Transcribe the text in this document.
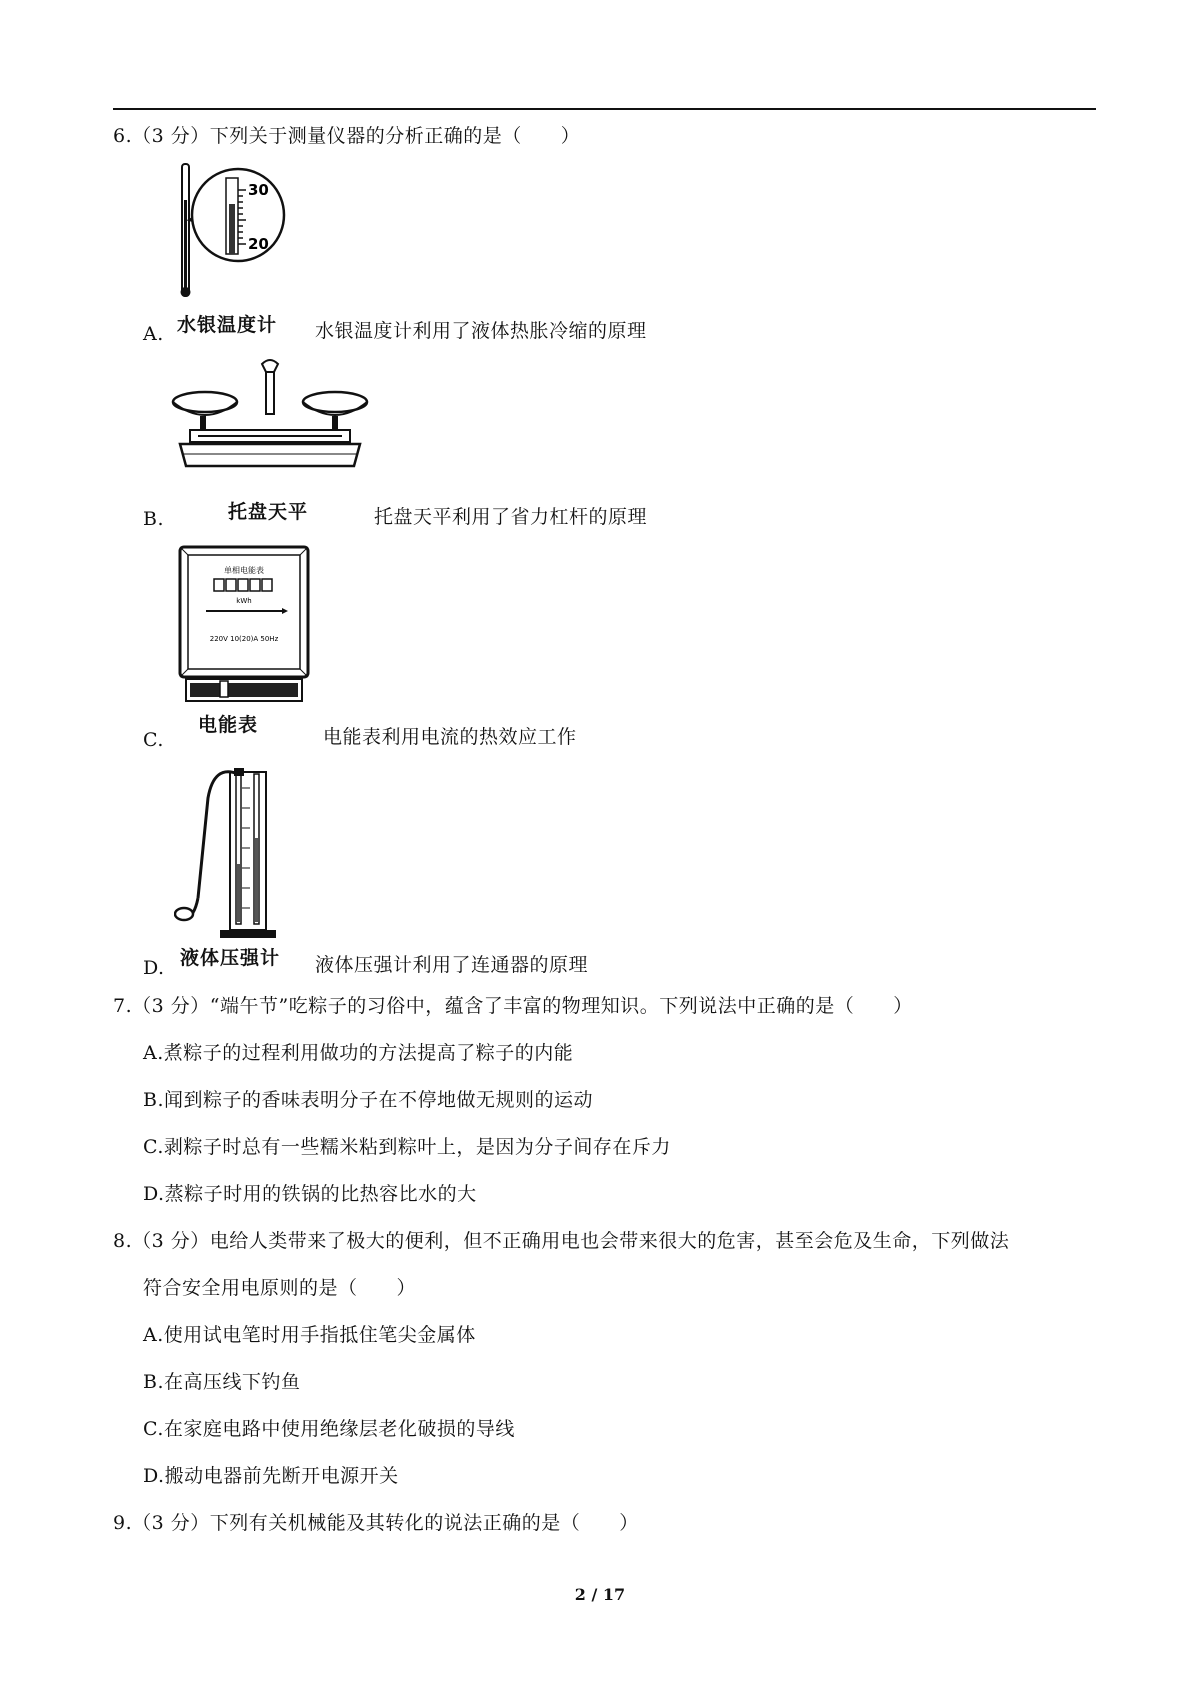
6.（3 分）下列关于测量仪器的分析正确的是（　　）
30
20
水银温度计
A.	水银温度计利用了液体热胀冷缩的原理
托盘天平
B.	托盘天平利用了省力杠杆的原理
单相电能表
kWh
220V 10(20)A 50Hz
电能表
C.	电能表利用电流的热效应工作
液体压强计
D.	液体压强计利用了连通器的原理
7.（3 分）“端午节”吃粽子的习俗中，蕴含了丰富的物理知识。下列说法中正确的是（　　）
A.煮粽子的过程利用做功的方法提高了粽子的内能
B.闻到粽子的香味表明分子在不停地做无规则的运动
C.剥粽子时总有一些糯米粘到粽叶上，是因为分子间存在斥力
D.蒸粽子时用的铁锅的比热容比水的大
8.（3 分）电给人类带来了极大的便利，但不正确用电也会带来很大的危害，甚至会危及生命，下列做法
符合安全用电原则的是（　　）
A.使用试电笔时用手指抵住笔尖金属体
B.在高压线下钓鱼
C.在家庭电路中使用绝缘层老化破损的导线
D.搬动电器前先断开电源开关
9.（3 分）下列有关机械能及其转化的说法正确的是（　　）
2 / 17
